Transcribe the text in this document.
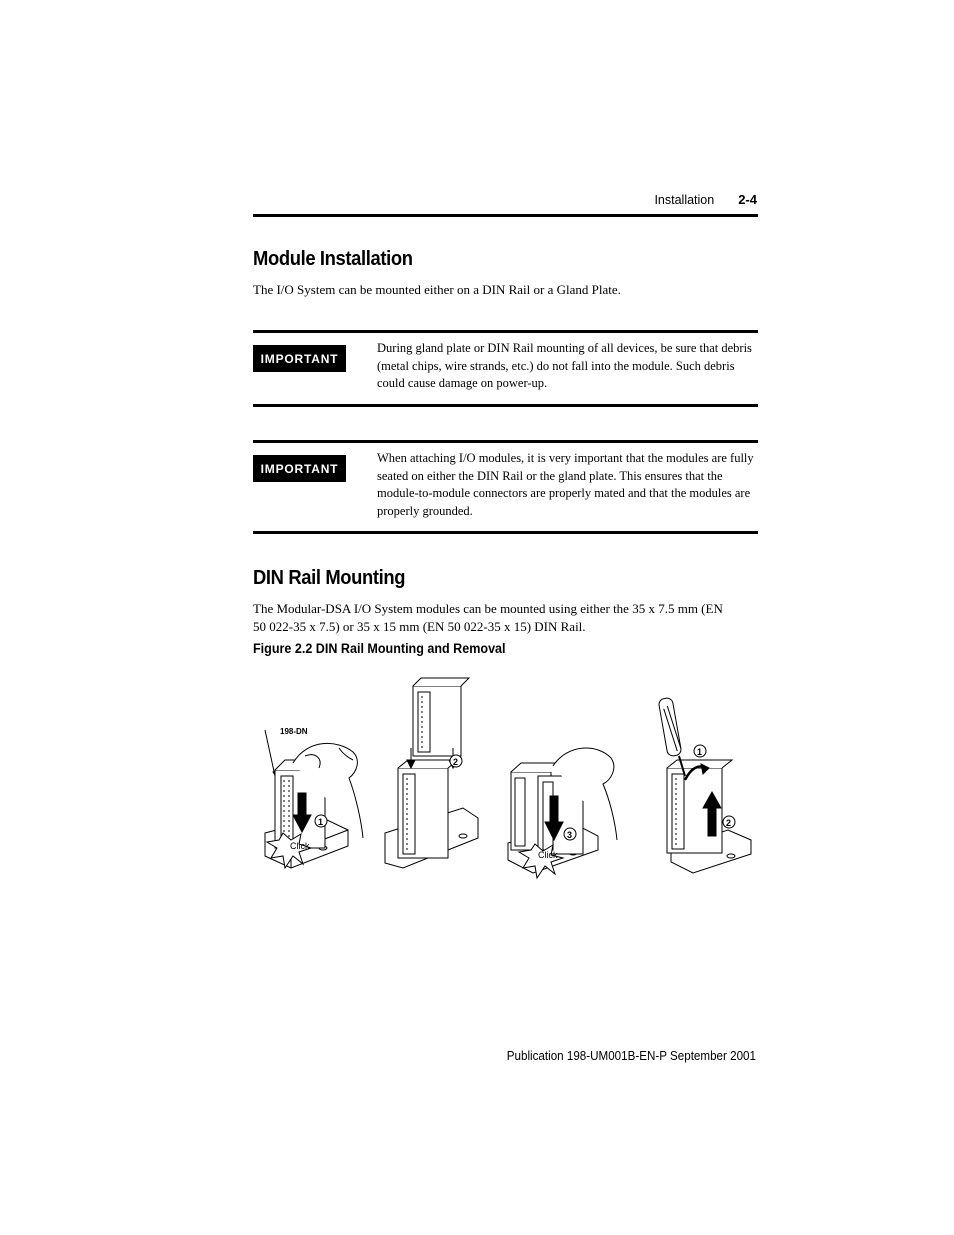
Installation 2-4
Module Installation

The I/O System can be mounted either on a DIN Rail or a Gland Plate.

IMPORTANT

During gland plate or DIN Rail mounting of all devices, be sure that debris (metal chips, wire strands, etc.) do not fall into the module. Such debris could cause damage on power-up.

IMPORTANT

When attaching I/O modules, it is very important that the modules are fully seated on either the DIN Rail or the gland plate. This ensures that the module-to-module connectors are properly mated and that the modules are properly grounded.

DIN Rail Mounting

The Modular-DSA I/O System modules can be mounted using either the 35 x 7.5 mm (EN 50 022-35 x 7.5) or 35 x 15 mm (EN 50 022-35 x 15) DIN Rail.

Figure 2.2 DIN Rail Mounting and Removal

198-DN
1
Click
2
3
Click
1
2
Publication 198-UM001B-EN-P September 2001
